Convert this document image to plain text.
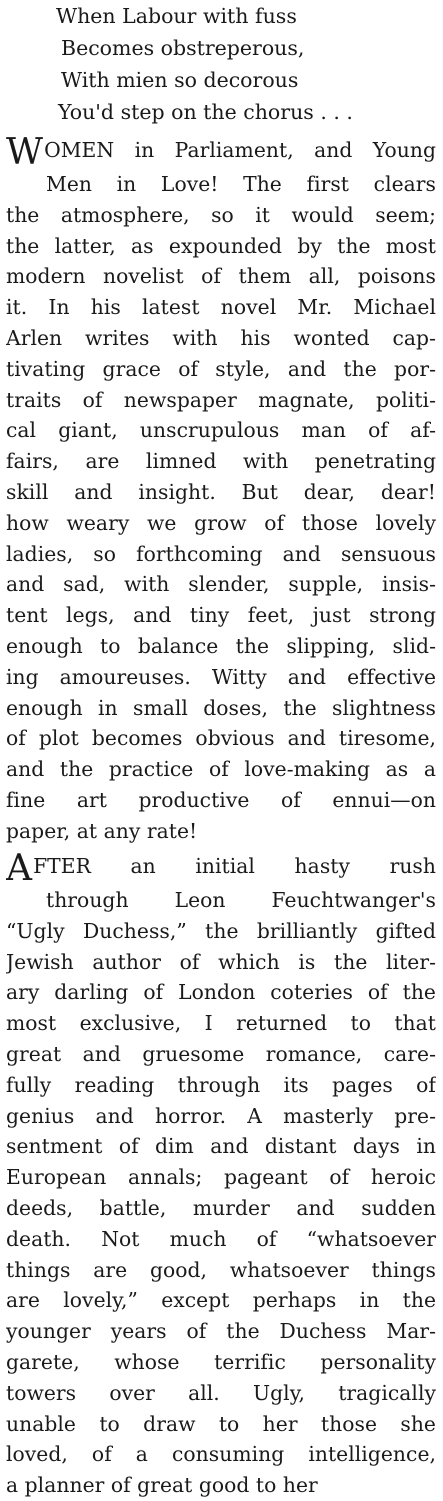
When Labour with fuss
Becomes obstreperous,
With mien so decorous
You'd step on the chorus . . .
WOMEN in Parliament, and Young
Men in Love! The first clears
the atmosphere, so it would seem;
the latter, as expounded by the most
modern novelist of them all, poisons
it. In his latest novel Mr. Michael
Arlen writes with his wonted cap-
tivating grace of style, and the por-
traits of newspaper magnate, politi-
cal giant, unscrupulous man of af-
fairs, are limned with penetrating
skill and insight. But dear, dear!
how weary we grow of those lovely
ladies, so forthcoming and sensuous
and sad, with slender, supple, insis-
tent legs, and tiny feet, just strong
enough to balance the slipping, slid-
ing amoureuses. Witty and effective
enough in small doses, the slightness
of plot becomes obvious and tiresome,
and the practice of love-making as a
fine art productive of ennui—on
paper, at any rate!
AFTER an initial hasty rush
through Leon Feuchtwanger's
“Ugly Duchess,” the brilliantly gifted
Jewish author of which is the liter-
ary darling of London coteries of the
most exclusive, I returned to that
great and gruesome romance, care-
fully reading through its pages of
genius and horror. A masterly pre-
sentment of dim and distant days in
European annals; pageant of heroic
deeds, battle, murder and sudden
death. Not much of “whatsoever
things are good, whatsoever things
are lovely,” except perhaps in the
younger years of the Duchess Mar-
garete, whose terrific personality
towers over all. Ugly, tragically
unable to draw to her those she
loved, of a consuming intelligence,
a planner of great good to her
